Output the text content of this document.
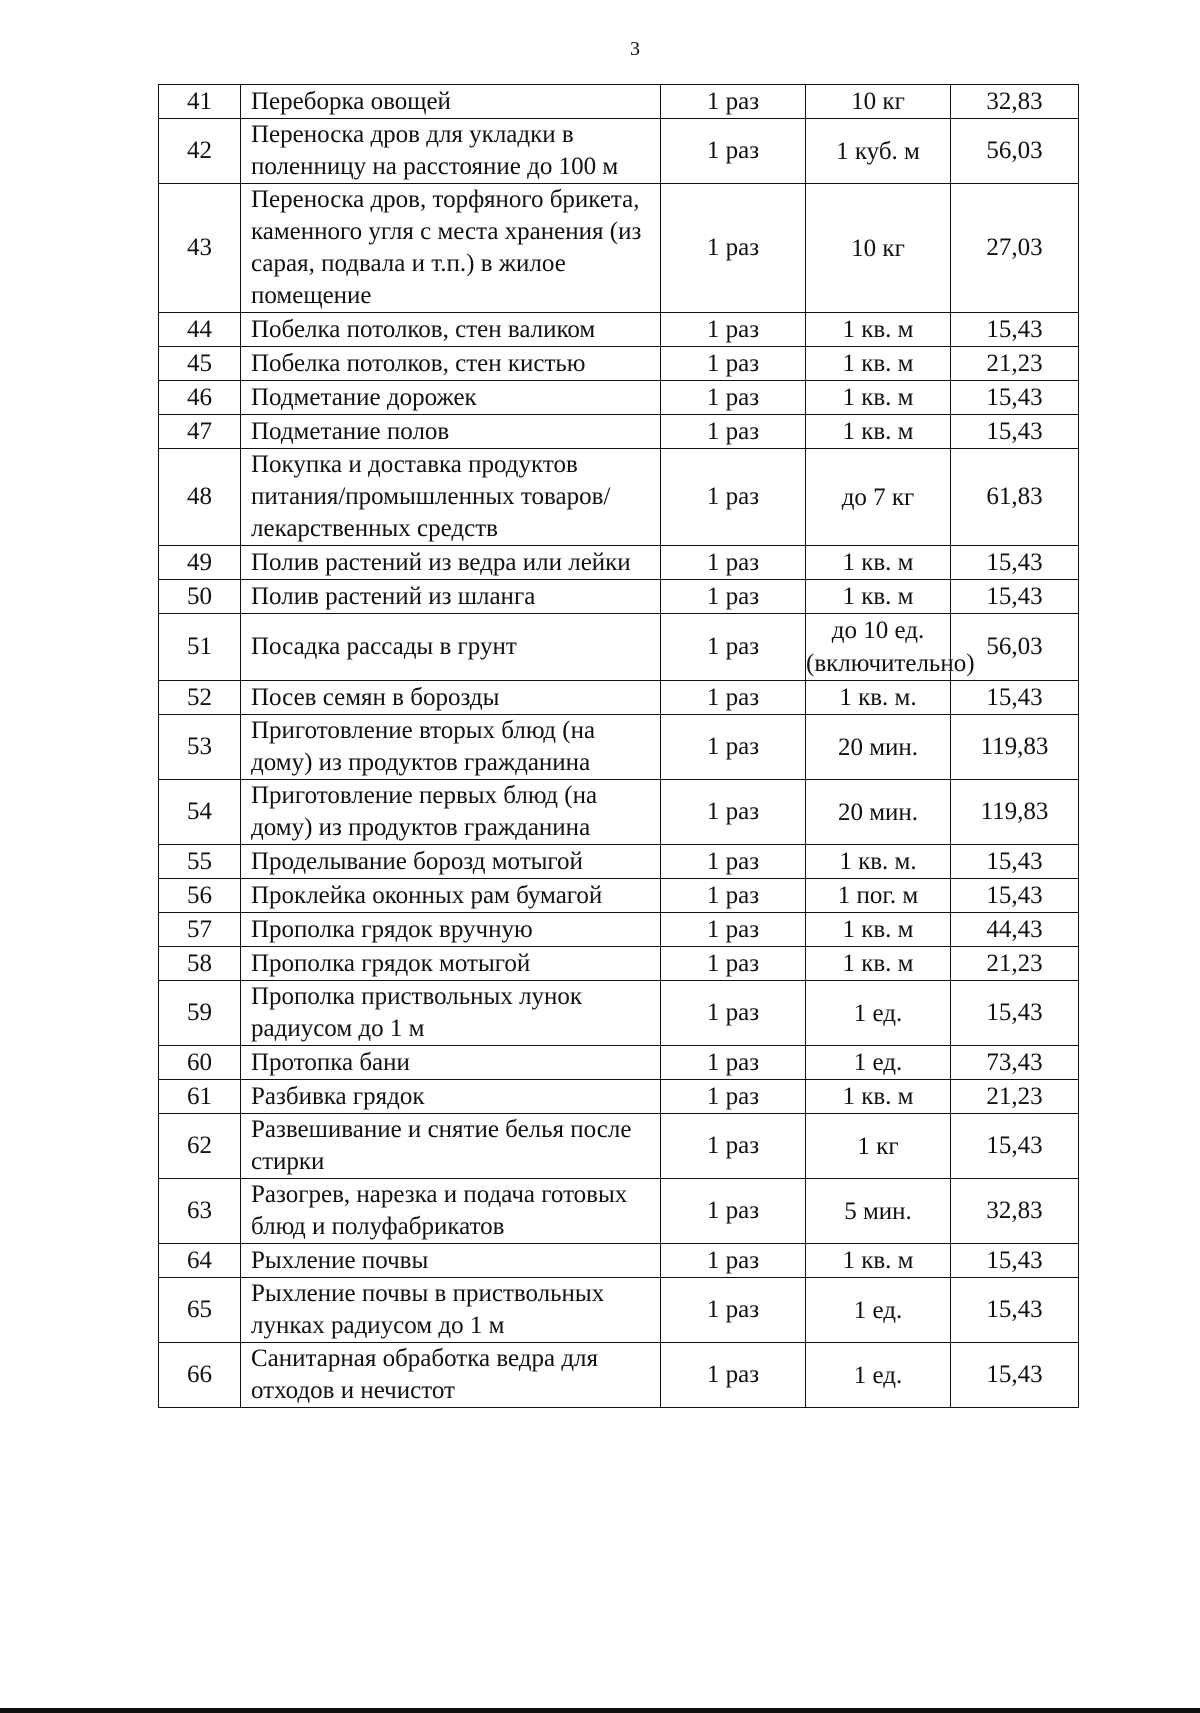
3
41	Переборка овощей	1 раз	10 кг	32,83
42	Переноска дров для укладки в поленницу на расстояние до 100 м	1 раз	1 куб. м	56,03
43	Переноска дров, торфяного брикета, каменного угля с места хранения (из сарая, подвала и т.п.) в жилое помещение	1 раз	10 кг	27,03
44	Побелка потолков, стен валиком	1 раз	1 кв. м	15,43
45	Побелка потолков, стен кистью	1 раз	1 кв. м	21,23
46	Подметание дорожек	1 раз	1 кв. м	15,43
47	Подметание полов	1 раз	1 кв. м	15,43
48	Покупка и доставка продуктов питания/промышленных товаров/лекарственных средств	1 раз	до 7 кг	61,83
49	Полив растений из ведра или лейки	1 раз	1 кв. м	15,43
50	Полив растений из шланга	1 раз	1 кв. м	15,43
51	Посадка рассады в грунт	1 раз	до 10 ед. (включительно)	56,03
52	Посев семян в борозды	1 раз	1 кв. м.	15,43
53	Приготовление вторых блюд (на дому) из продуктов гражданина	1 раз	20 мин.	119,83
54	Приготовление первых блюд (на дому) из продуктов гражданина	1 раз	20 мин.	119,83
55	Проделывание борозд мотыгой	1 раз	1 кв. м.	15,43
56	Проклейка оконных рам бумагой	1 раз	1 пог. м	15,43
57	Прополка грядок вручную	1 раз	1 кв. м	44,43
58	Прополка грядок мотыгой	1 раз	1 кв. м	21,23
59	Прополка приствольных лунок радиусом до 1 м	1 раз	1 ед.	15,43
60	Протопка бани	1 раз	1 ед.	73,43
61	Разбивка грядок	1 раз	1 кв. м	21,23
62	Развешивание и снятие белья после стирки	1 раз	1 кг	15,43
63	Разогрев, нарезка и подача готовых блюд и полуфабрикатов	1 раз	5 мин.	32,83
64	Рыхление почвы	1 раз	1 кв. м	15,43
65	Рыхление почвы в приствольных лунках радиусом до 1 м	1 раз	1 ед.	15,43
66	Санитарная обработка ведра для отходов и нечистот	1 раз	1 ед.	15,43
